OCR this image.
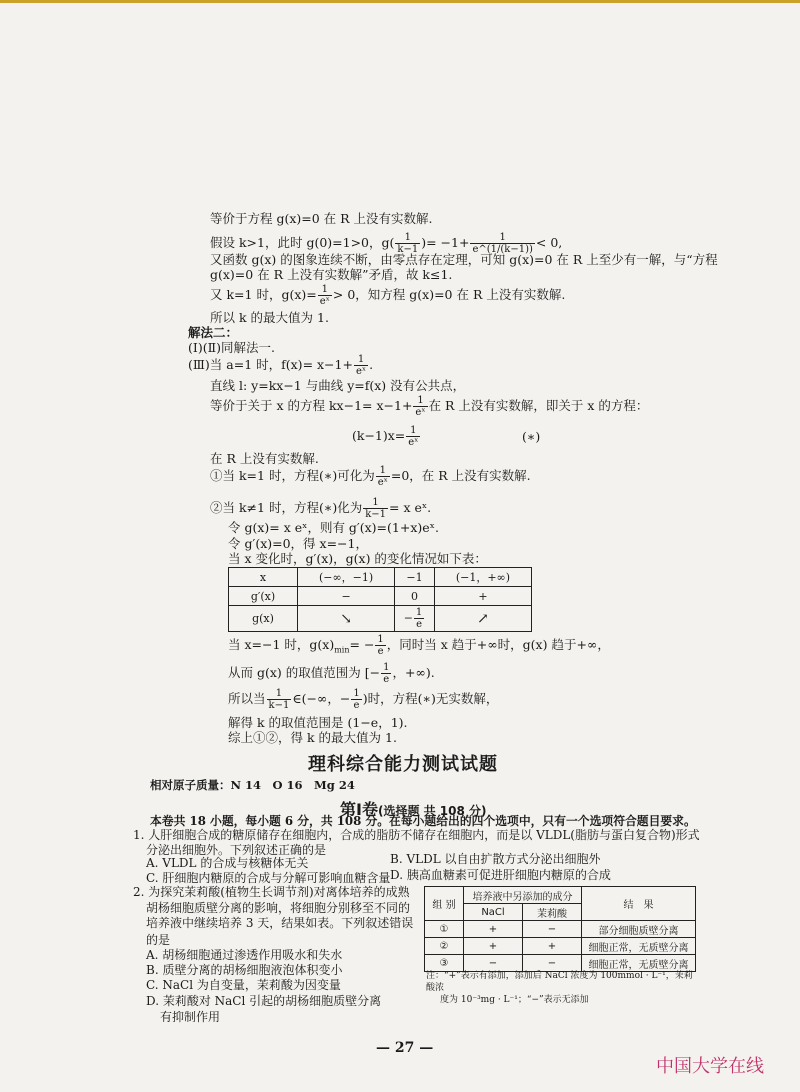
等价于方程 g(x)=0 在 R 上没有实数解.
假设 k>1，此时 g(0)=1>0，$g( \frac{1}{k-1}$ )= $-1+ \frac{1}{e\^{}(1/(k-1))} < 0$,
又函数 g(x) 的图象连续不断，由零点存在定理，可知 g(x)=0 在 R 上至少有一解，与“方程
g(x)=0 在 R 上没有实数解”矛盾，故 k≤1.
又 k=1 时，$g(x)= \frac{1}{\text{eˣ}} > 0$，知方程 g(x)=0 在 R 上没有实数解.
所以 k 的最大值为 1.
解法二：
(Ⅰ)(Ⅱ)同解法一.
(Ⅲ)当 a=1 时，$f(x)= x-1+ \frac{1}{\text{eˣ}}$ .
直线 l: y=kx−1 与曲线 y=f(x) 没有公共点，
等价于关于 x 的方程 $kx-1= x-1+ \frac{1}{\text{eˣ}}$ 在 R 上没有实数解，即关于 x 的方程：
$(k-1)x= \frac{1}{\text{eˣ}}$	(∗)
在 R 上没有实数解.
①当 k=1 时，方程(∗)可化为 $\frac{1}{\text{eˣ}} =0$，在 R 上没有实数解.
②当 k≠1 时，方程(∗)化为 $\frac{1}{k-1} = x$ eˣ.
令 g(x)= x eˣ，则有 g′(x)=(1+x)eˣ.
令 g′(x)=0，得 x=−1，
当 x 变化时，g′(x)，g(x) 的变化情况如下表：
x	(−∞，−1)	−1	(−1，+∞)
g′(x)	−	0	+
g(x)	↘	− $\frac{1}{e}$	↗
当 x=−1 时，$g(x)_{min}= - \frac{1}{e}$ ，同时当 x 趋于+∞时，g(x) 趋于+∞，
从而 g(x) 的取值范围为 [− $\frac{1}{e}$ ，+∞).
所以当 $\frac{1}{k-1}$ ∈(−∞，− $\frac{1}{e}$ )时，方程(∗)无实数解，
解得 k 的取值范围是 (1−e，1).
综上①②，得 k 的最大值为 1.
理科综合能力测试试题
相对原子质量：N 14　O 16　Mg 24
第Ⅰ卷(选择题 共 108 分)
本卷共 18 小题，每小题 6 分，共 108 分。在每小题给出的四个选项中，只有一个选项符合题目要求。
1. 人肝细胞合成的糖原储存在细胞内，合成的脂肪不储存在细胞内，而是以 VLDL(脂肪与蛋白复合物)形式
分泌出细胞外。下列叙述正确的是
A. VLDL 的合成与核糖体无关	B. VLDL 以自由扩散方式分泌出细胞外
C. 肝细胞内糖原的合成与分解可影响血糖含量 D. 胰高血糖素可促进肝细胞内糖原的合成
2. 为探究茉莉酸(植物生长调节剂)对离体培养的成熟
胡杨细胞质壁分离的影响，将细胞分别移至不同的
培养液中继续培养 3 天，结果如表。下列叙述错误
的是
A. 胡杨细胞通过渗透作用吸水和失水
B. 质壁分离的胡杨细胞液泡体积变小
C. NaCl 为自变量，茉莉酸为因变量
D. 茉莉酸对 NaCl 引起的胡杨细胞质壁分离
有抑制作用
组 别	培养液中另添加的成分		结　果
	NaCl	茉莉酸	
①	+	−	部分细胞质壁分离
②	+	+	细胞正常，无质壁分离
③	−	−	细胞正常，无质壁分离
注：“+”表示有添加，添加后 NaCl 浓度为 100mmol · L⁻¹，茉莉酸浓
度为 10⁻³mg · L⁻¹；“−”表示无添加
— 27 —
中国大学在线
